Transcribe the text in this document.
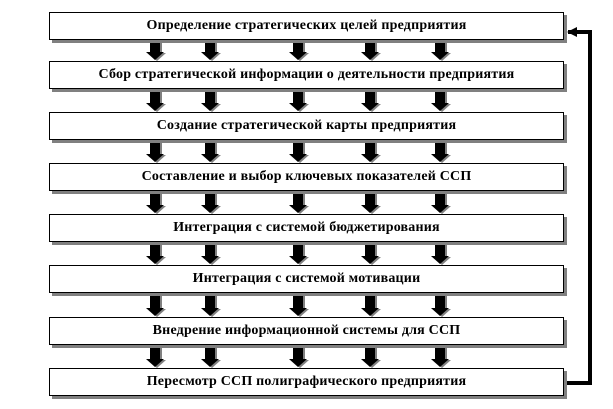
Определение стратегических целей предприятия
Сбор стратегической информации о деятельности предприятия
Создание стратегической карты предприятия
Составление и выбор ключевых показателей ССП
Интеграция с системой бюджетирования
Интеграция с системой мотивации
Внедрение информационной системы для ССП
Пересмотр ССП полиграфического предприятия
